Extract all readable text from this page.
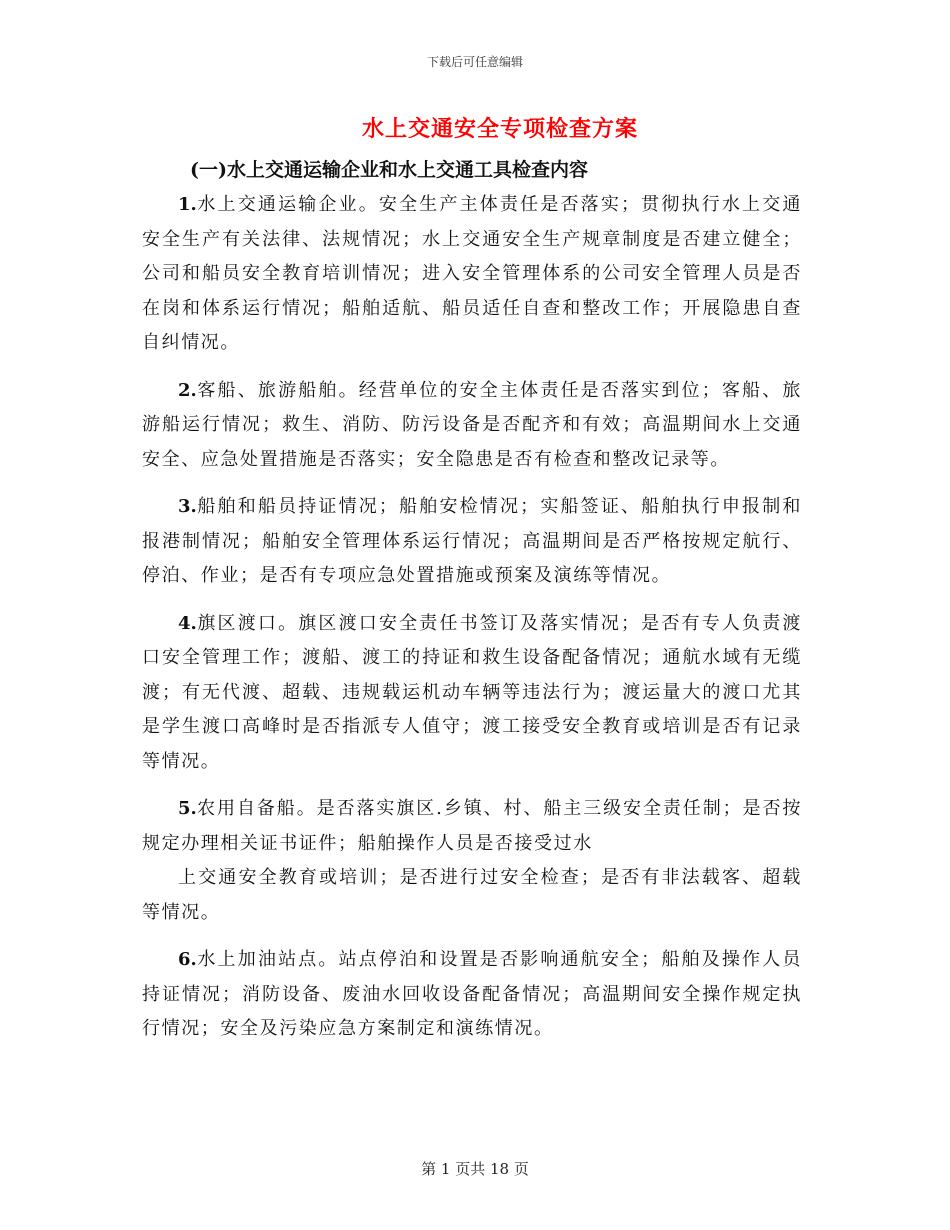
下载后可任意编辑
水上交通安全专项检查方案
(一)水上交通运输企业和水上交通工具检查内容

1.水上交通运输企业。安全生产主体责任是否落实；贯彻执行水上交通安全生产有关法律、法规情况；水上交通安全生产规章制度是否建立健全；公司和船员安全教育培训情况；进入安全管理体系的公司安全管理人员是否在岗和体系运行情况；船舶适航、船员适任自查和整改工作；开展隐患自查自纠情况。

2.客船、旅游船舶。经营单位的安全主体责任是否落实到位；客船、旅游船运行情况；救生、消防、防污设备是否配齐和有效；高温期间水上交通安全、应急处置措施是否落实；安全隐患是否有检查和整改记录等。

3.船舶和船员持证情况；船舶安检情况；实船签证、船舶执行申报制和报港制情况；船舶安全管理体系运行情况；高温期间是否严格按规定航行、停泊、作业；是否有专项应急处置措施或预案及演练等情况。

4.旗区渡口。旗区渡口安全责任书签订及落实情况；是否有专人负责渡口安全管理工作；渡船、渡工的持证和救生设备配备情况；通航水域有无缆渡；有无代渡、超载、违规载运机动车辆等违法行为；渡运量大的渡口尤其是学生渡口高峰时是否指派专人值守；渡工接受安全教育或培训是否有记录等情况。

5.农用自备船。是否落实旗区.乡镇、村、船主三级安全责任制；是否按规定办理相关证书证件；船舶操作人员是否接受过水

上交通安全教育或培训；是否进行过安全检查；是否有非法载客、超载等情况。

6.水上加油站点。站点停泊和设置是否影响通航安全；船舶及操作人员持证情况；消防设备、废油水回收设备配备情况；高温期间安全操作规定执行情况；安全及污染应急方案制定和演练情况。

第 1 页共 18 页
